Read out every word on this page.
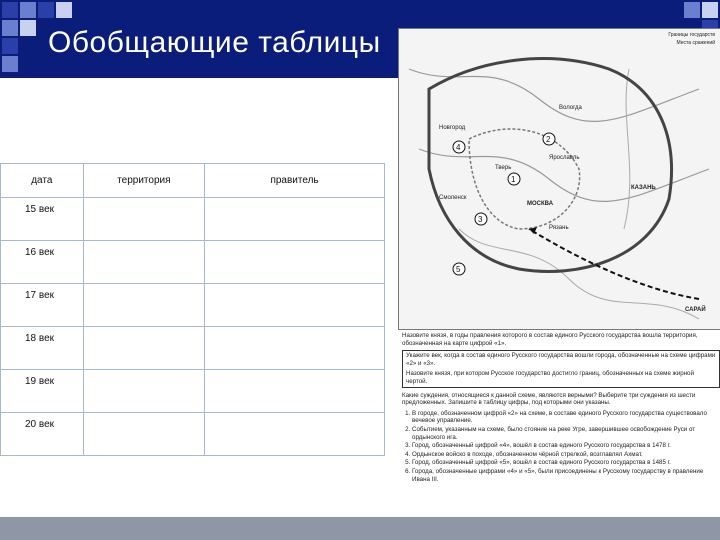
Обобщающие таблицы
дата	территория	правитель
15 век		
16 век		
17 век		
18 век		
19 век		
20 век		
4
1
2
3
5
МОСКВА
КАЗАНЬ
САРАЙ
Новгород
Тверь
Ярославль
Вологда
Рязань
Смоленск
Границы государств
Места сражений

Назовите князя, в годы правления которого в состав единого Русского государства вошла территория, обозначенная на карте цифрой «1».

Укажите век, когда в состав единого Русского государства вошли города, обозначенные на схеме цифрами «2» и «3».

Назовите князя, при котором Русское государство достигло границ, обозначенных на схеме жирной чертой.

Какие суждения, относящиеся к данной схеме, являются верными? Выберите три суждения из шести предложенных. Запишите в таблицу цифры, под которыми они указаны.

1. В городе, обозначенном цифрой «2» на схеме, в составе единого Русского государства существовало вечевое управление.
2. Событием, указанным на схеме, было стояние на реке Угре, завершившее освобождение Руси от ордынского ига.
3. Город, обозначенный цифрой «4», вошёл в состав единого Русского государства в 1478 г.
4. Ордынское войско в походе, обозначенном чёрной стрелкой, возглавлял Ахмат.
5. Город, обозначенный цифрой «5», вошёл в состав единого Русского государства в 1485 г.
6. Города, обозначенные цифрами «4» и «5», были присоединены к Русскому государству в правление Ивана III.
